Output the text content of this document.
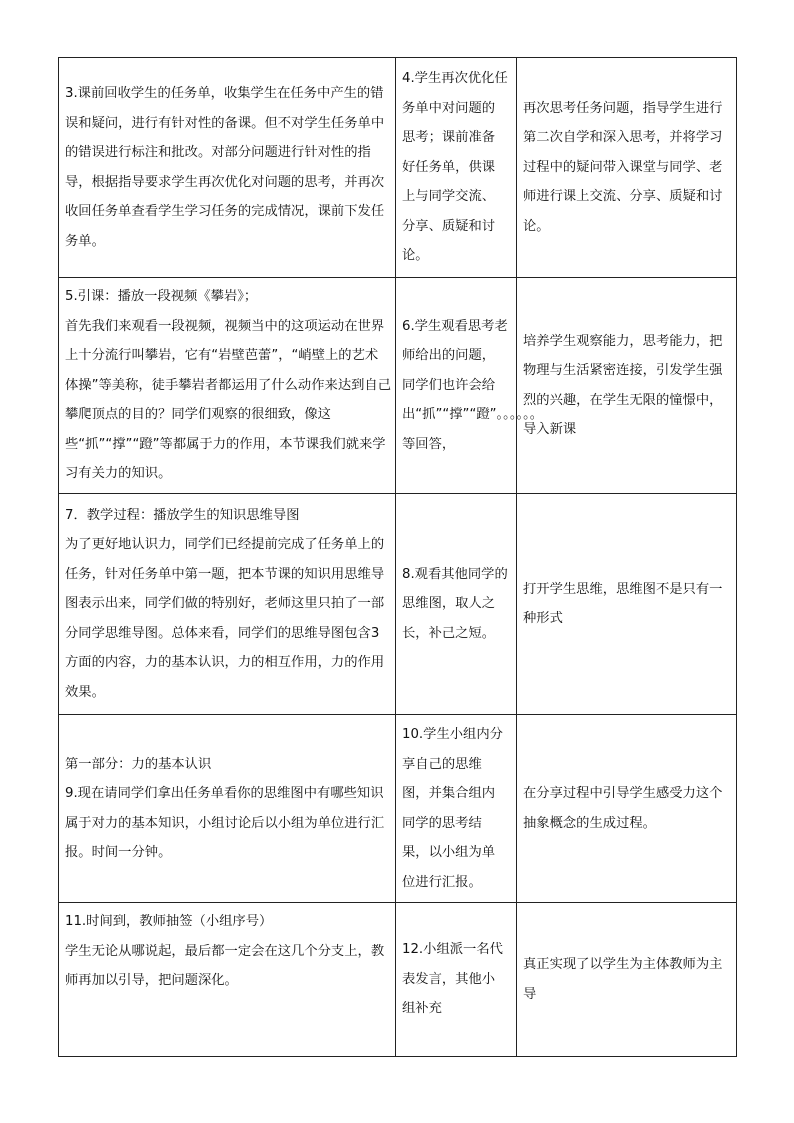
3.课前回收学生的任务单，收集学生在任务中产生的错误和疑问，进行有针对性的备课。但不对学生任务单中的错误进行标注和批改。对部分问题进行针对性的指导，根据指导要求学生再次优化对问题的思考，并再次收回任务单查看学生学习任务的完成情况，课前下发任务单。	4.学生再次优化任务单中对问题的思考；课前准备好任务单，供课上与同学交流、分享、质疑和讨论。	再次思考任务问题，指导学生进行第二次自学和深入思考，并将学习过程中的疑问带入课堂与同学、老师进行课上交流、分享、质疑和讨论。

5.引课：播放一段视频《攀岩》；
首先我们来观看一段视频，视频当中的这项运动在世界上十分流行叫攀岩，它有“岩壁芭蕾”，“峭壁上的艺术体操”等美称，徒手攀岩者都运用了什么动作来达到自己攀爬顶点的目的？同学们观察的很细致，像这些“抓”“撑”“蹬”等都属于力的作用，本节课我们就来学习有关力的知识。	6.学生观看思考老师给出的问题，同学们也许会给出“抓”“撑”“蹬”。。。。。。等回答，	培养学生观察能力，思考能力，把物理与生活紧密连接，引发学生强烈的兴趣，在学生无限的憧憬中，导入新课

7．教学过程：播放学生的知识思维导图
为了更好地认识力，同学们已经提前完成了任务单上的任务，针对任务单中第一题，把本节课的知识用思维导图表示出来，同学们做的特别好，老师这里只拍了一部分同学思维导图。总体来看，同学们的思维导图包含3方面的内容，力的基本认识，力的相互作用，力的作用效果。	8.观看其他同学的思维图，取人之长，补己之短。	打开学生思维，思维图不是只有一种形式

第一部分：力的基本认识
9.现在请同学们拿出任务单看你的思维图中有哪些知识属于对力的基本知识，小组讨论后以小组为单位进行汇报。时间一分钟。	10.学生小组内分享自己的思维图，并集合组内同学的思考结果，以小组为单位进行汇报。	在分享过程中引导学生感受力这个抽象概念的生成过程。

11.时间到，教师抽签（小组序号）
学生无论从哪说起，最后都一定会在这几个分支上，教师再加以引导，把问题深化。	12.小组派一名代表发言，其他小组补充	真正实现了以学生为主体教师为主导
